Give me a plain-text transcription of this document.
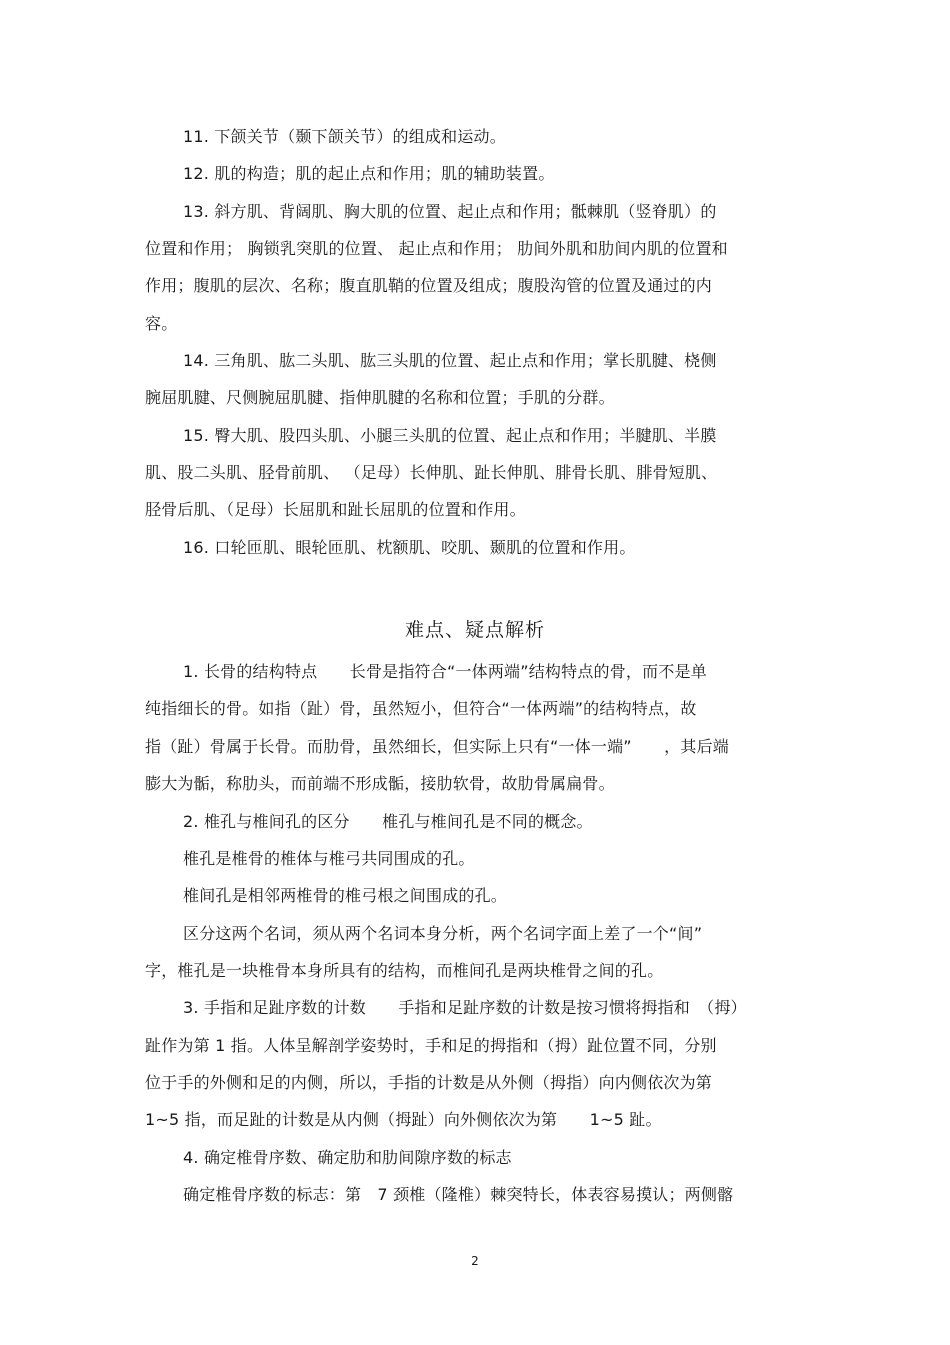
11. 下颌关节（颞下颌关节）的组成和运动。
12. 肌的构造；肌的起止点和作用；肌的辅助装置。
13. 斜方肌、背阔肌、胸大肌的位置、起止点和作用；骶棘肌（竖脊肌）的
位置和作用； 胸锁乳突肌的位置、 起止点和作用； 肋间外肌和肋间内肌的位置和
作用；腹肌的层次、名称；腹直肌鞘的位置及组成；腹股沟管的位置及通过的内
容。
14. 三角肌、肱二头肌、肱三头肌的位置、起止点和作用；掌长肌腱、桡侧
腕屈肌腱、尺侧腕屈肌腱、指伸肌腱的名称和位置；手肌的分群。
15. 臀大肌、股四头肌、小腿三头肌的位置、起止点和作用；半腱肌、半膜
肌、股二头肌、胫骨前肌、 （足母）长伸肌、趾长伸肌、腓骨长肌、腓骨短肌、
胫骨后肌、（足母）长屈肌和趾长屈肌的位置和作用。
16. 口轮匝肌、眼轮匝肌、枕额肌、咬肌、颞肌的位置和作用。
难点、疑点解析
1. 长骨的结构特点　　长骨是指符合“一体两端”结构特点的骨，而不是单
纯指细长的骨。如指（趾）骨，虽然短小，但符合“一体两端”的结构特点，故
指（趾）骨属于长骨。而肋骨，虽然细长，但实际上只有“一体一端”　　，其后端
膨大为骺，称肋头，而前端不形成骺，接肋软骨，故肋骨属扁骨。
2. 椎孔与椎间孔的区分　　椎孔与椎间孔是不同的概念。
椎孔是椎骨的椎体与椎弓共同围成的孔。
椎间孔是相邻两椎骨的椎弓根之间围成的孔。
区分这两个名词，须从两个名词本身分析，两个名词字面上差了一个“间”
字，椎孔是一块椎骨本身所具有的结构，而椎间孔是两块椎骨之间的孔。
3. 手指和足趾序数的计数　　手指和足趾序数的计数是按习惯将拇指和　（拇）
趾作为第 1 指。人体呈解剖学姿势时，手和足的拇指和（拇）趾位置不同，分别
位于手的外侧和足的内侧，所以，手指的计数是从外侧（拇指）向内侧依次为第
1~5 指，而足趾的计数是从内侧（拇趾）向外侧依次为第　　1~5 趾。
4. 确定椎骨序数、确定肋和肋间隙序数的标志
确定椎骨序数的标志：第　7 颈椎（隆椎）棘突特长，体表容易摸认；两侧髂
2
